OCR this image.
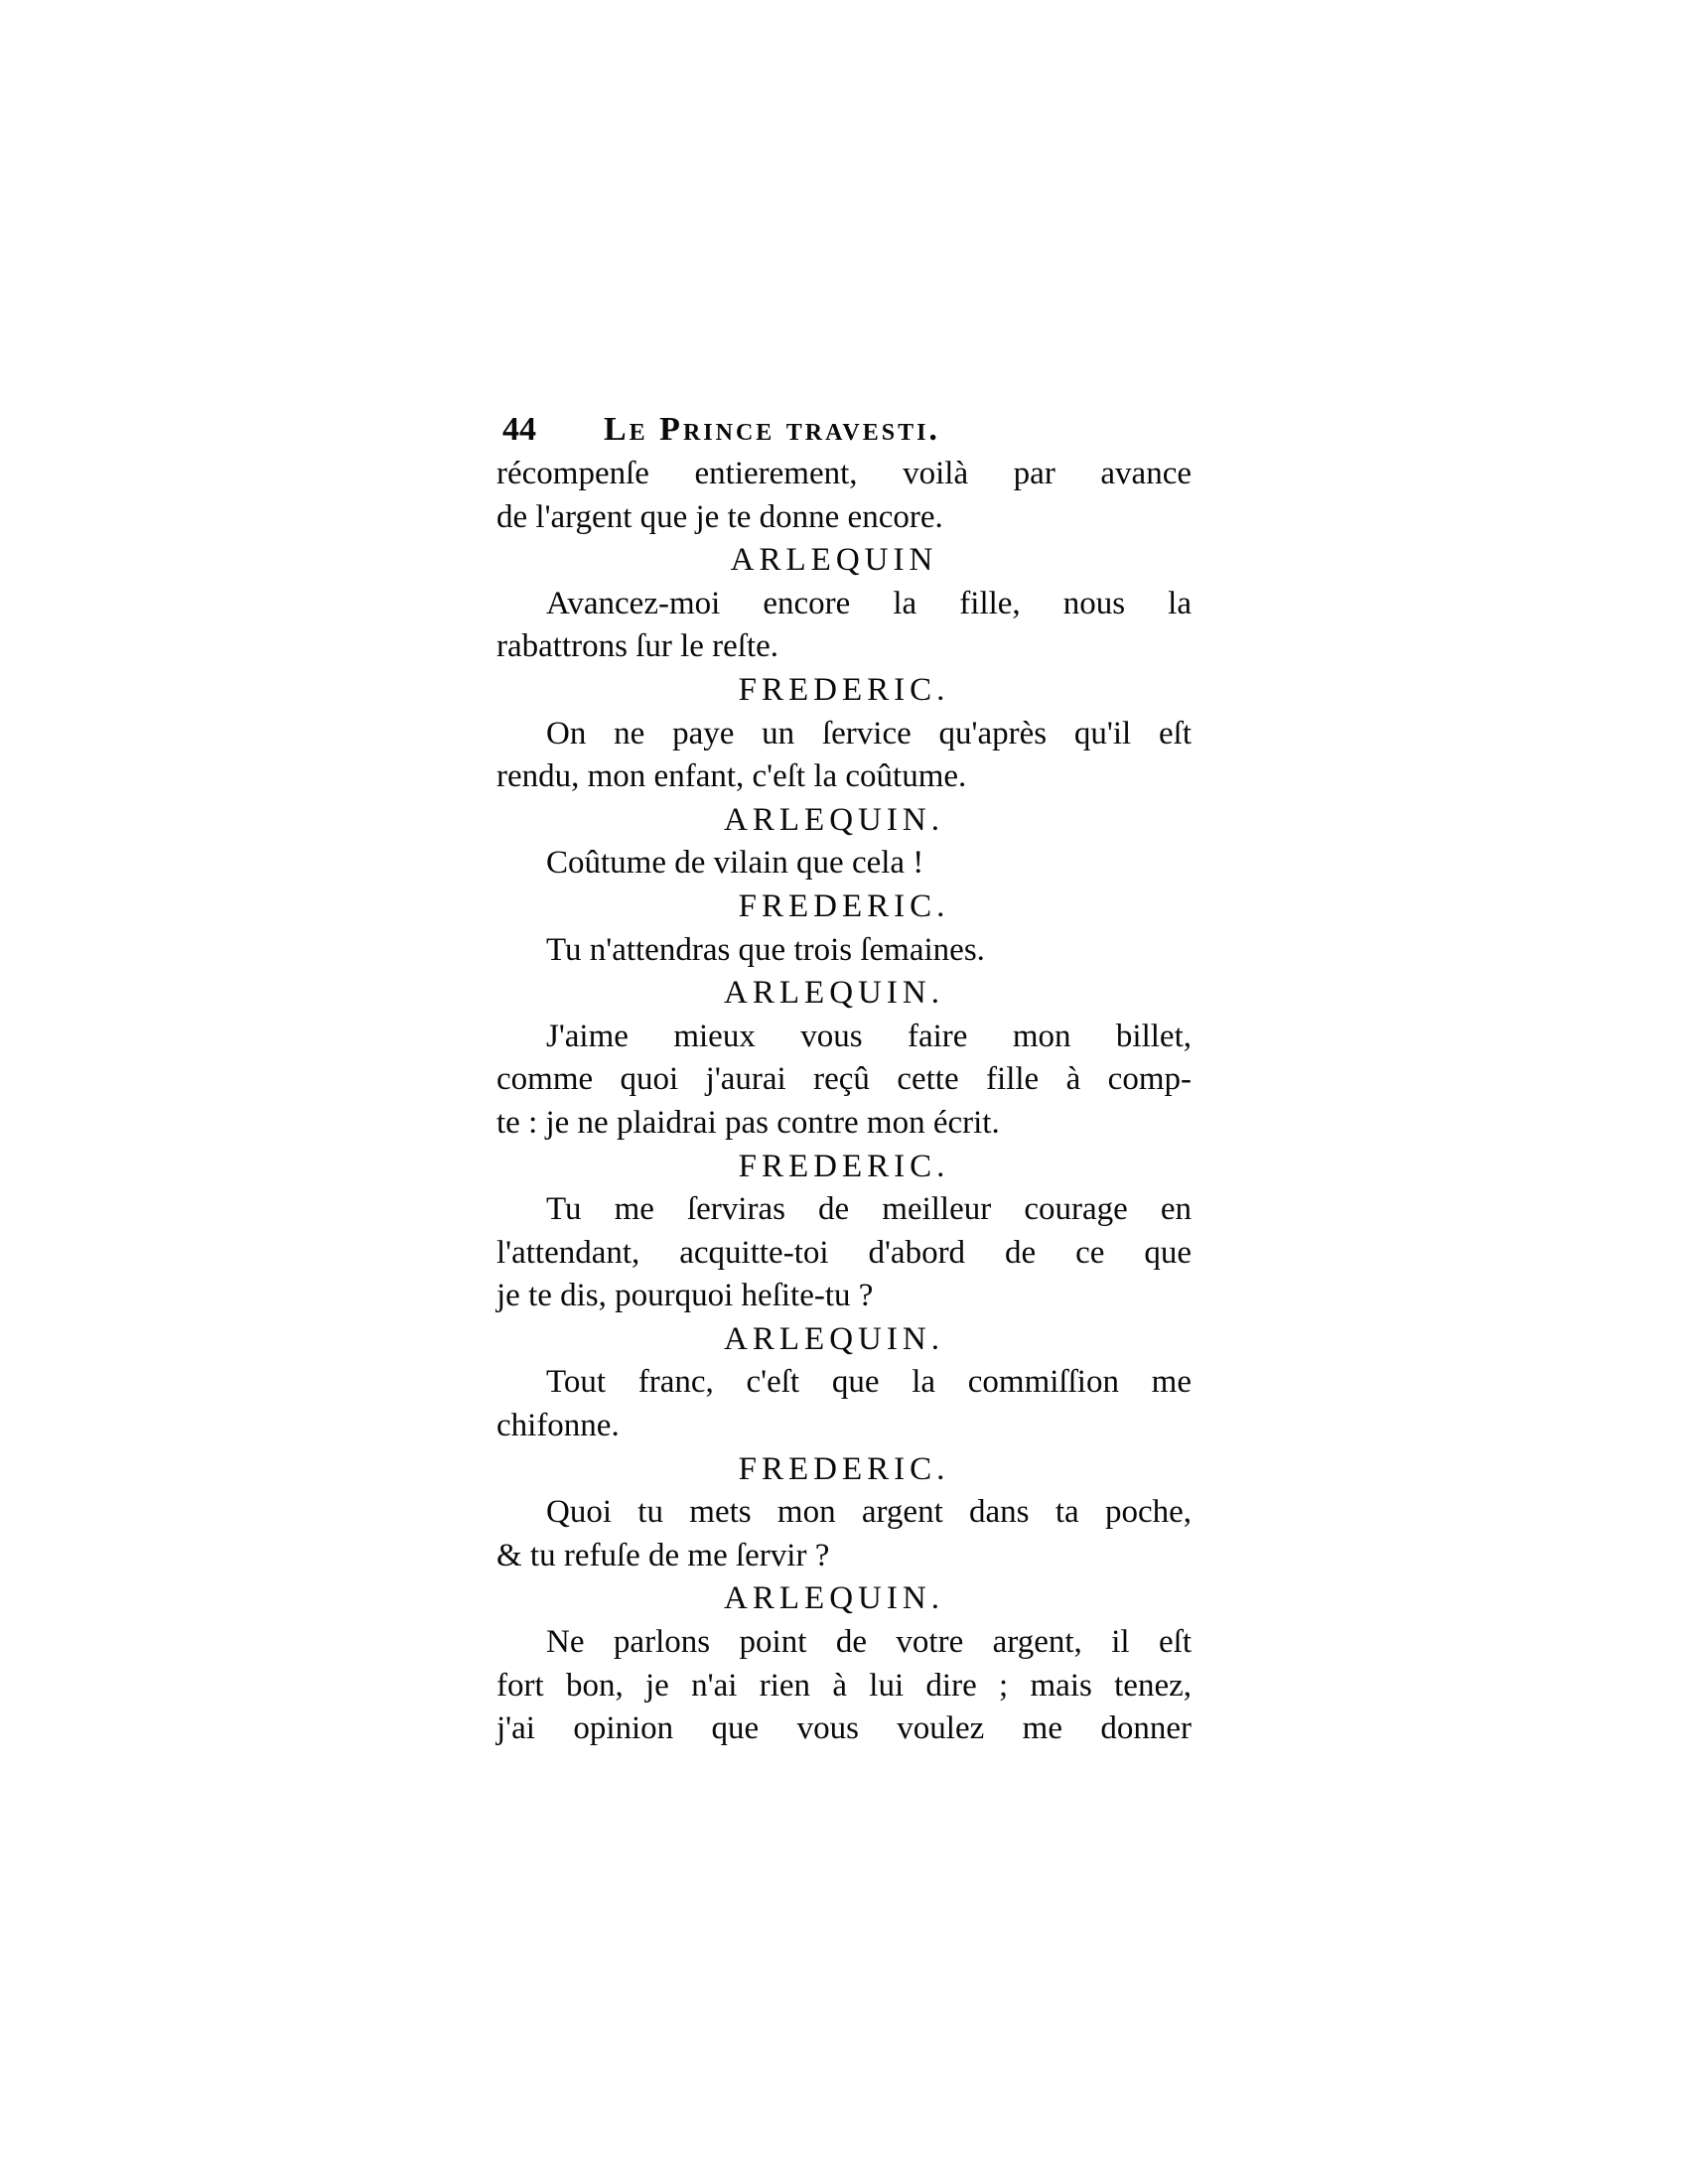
44 Le Prince travesti.
récompenſe entierement, voilà par avance
de l'argent que je te donne encore.
ARLEQUIN
Avancez-moi encore la fille, nous la
rabattrons ſur le reſte.
FREDERIC.
On ne paye un ſervice qu'après qu'il eſt
rendu, mon enfant, c'eſt la coûtume.
ARLEQUIN.
Coûtume de vilain que cela !
FREDERIC.
Tu n'attendras que trois ſemaines.
ARLEQUIN.
J'aime mieux vous faire mon billet,
comme quoi j'aurai reçû cette fille à comp-
te : je ne plaidrai pas contre mon écrit.
FREDERIC.
Tu me ſerviras de meilleur courage en
l'attendant, acquitte-toi d'abord de ce que
je te dis, pourquoi heſite-tu ?
ARLEQUIN.
Tout franc, c'eſt que la commiſſion me
chifonne.
FREDERIC.
Quoi tu mets mon argent dans ta poche,
& tu refuſe de me ſervir ?
ARLEQUIN.
Ne parlons point de votre argent, il eſt
fort bon, je n'ai rien à lui dire ; mais tenez,
j'ai opinion que vous voulez me donner
